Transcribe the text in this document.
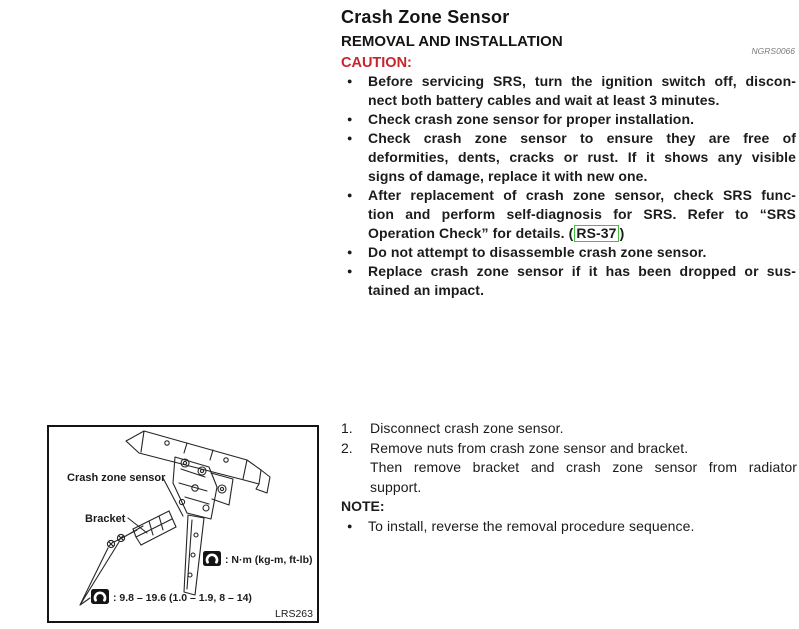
Crash Zone Sensor
REMOVAL AND INSTALLATION
NGRS0066
CAUTION:
●	Before servicing SRS, turn the ignition switch off, discon-
nect both battery cables and wait at least 3 minutes.
●	Check crash zone sensor for proper installation.
●	Check crash zone sensor to ensure they are free of
deformities, dents, cracks or rust. If it shows any visible
signs of damage, replace it with new one.
●	After replacement of crash zone sensor, check SRS func-
tion and perform self-diagnosis for SRS. Refer to “SRS
Operation Check” for details. ( RS-37 )
●	Do not attempt to disassemble crash zone sensor.
●	Replace crash zone sensor if it has been dropped or sus-
tained an impact.
1.	Disconnect crash zone sensor.
2.	Remove nuts from crash zone sensor and bracket.
Then remove bracket and crash zone sensor from radiator
support.
NOTE:
●	To install, reverse the removal procedure sequence.
Crash zone sensor
Bracket
: N·m (kg-m, ft-lb)
: 9.8 – 19.6 (1.0 – 1.9, 8 – 14)
LRS263
